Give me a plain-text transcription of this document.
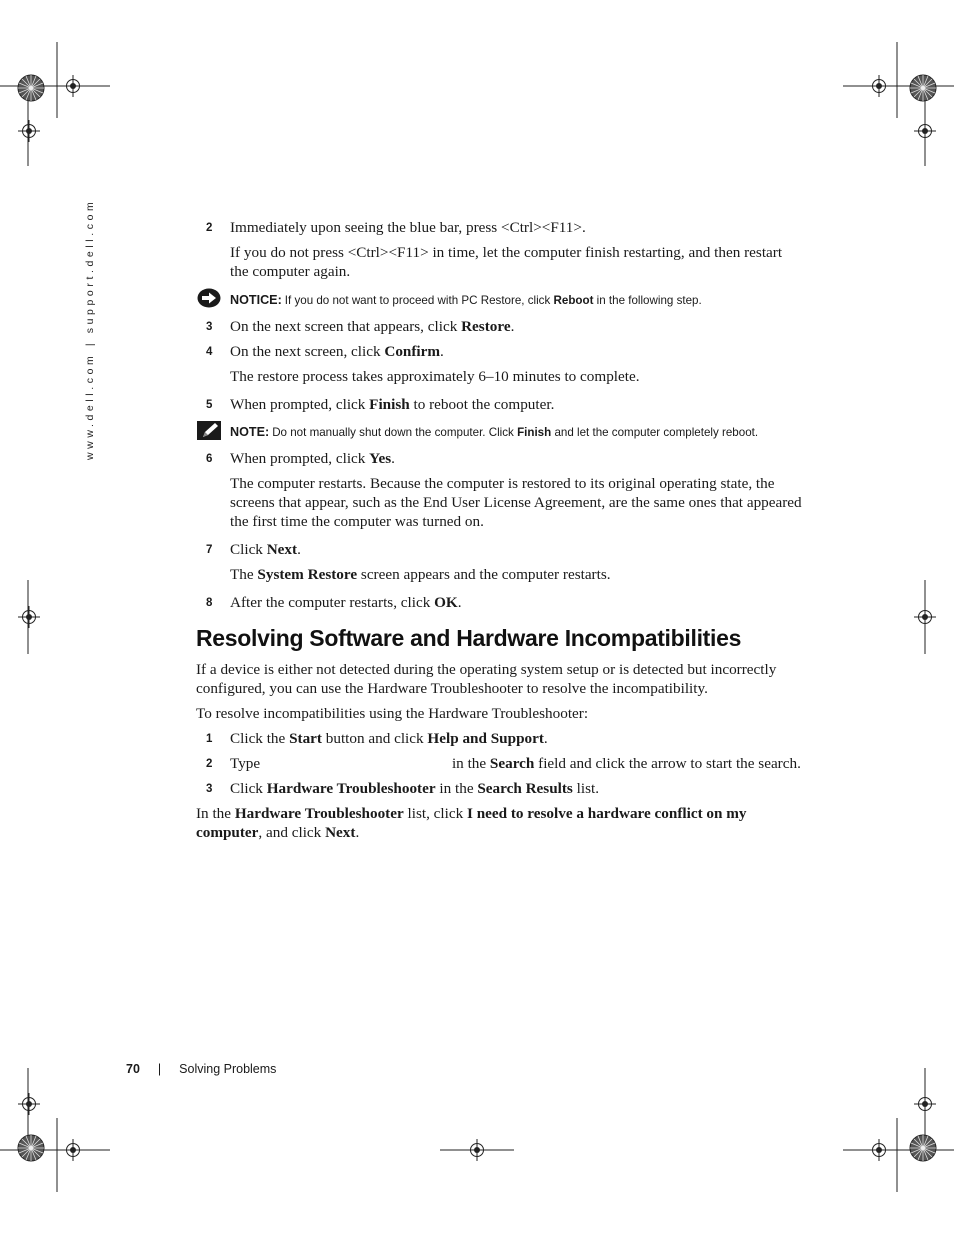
www.dell.com | support.dell.com	2 Immediately upon seeing the blue bar, press <Ctrl><F11>.

If you do not press <Ctrl><F11> in time, let the computer finish restarting, and then restart the computer again.

NOTICE: If you do not want to proceed with PC Restore, click Reboot in the following step.

3 On the next screen that appears, click Restore.

4 On the next screen, click Confirm.

The restore process takes approximately 6–10 minutes to complete.

5 When prompted, click Finish to reboot the computer.

NOTE: Do not manually shut down the computer. Click Finish and let the computer completely reboot.

6 When prompted, click Yes.

The computer restarts. Because the computer is restored to its original operating state, the screens that appear, such as the End User License Agreement, are the same ones that appeared the first time the computer was turned on.

7 Click Next.

The System Restore screen appears and the computer restarts.

8 After the computer restarts, click OK.

Resolving Software and Hardware Incompatibilities

If a device is either not detected during the operating system setup or is detected but incorrectly configured, you can use the Hardware Troubleshooter to resolve the incompatibility.

To resolve incompatibilities using the Hardware Troubleshooter:

1 Click the Start button and click Help and Support.

2 Type	in the Search field and click the arrow to start the search.

3 Click Hardware Troubleshooter in the Search Results list.

In the Hardware Troubleshooter list, click I need to resolve a hardware conflict on my computer, and click Next.

70 | Solving Problems
